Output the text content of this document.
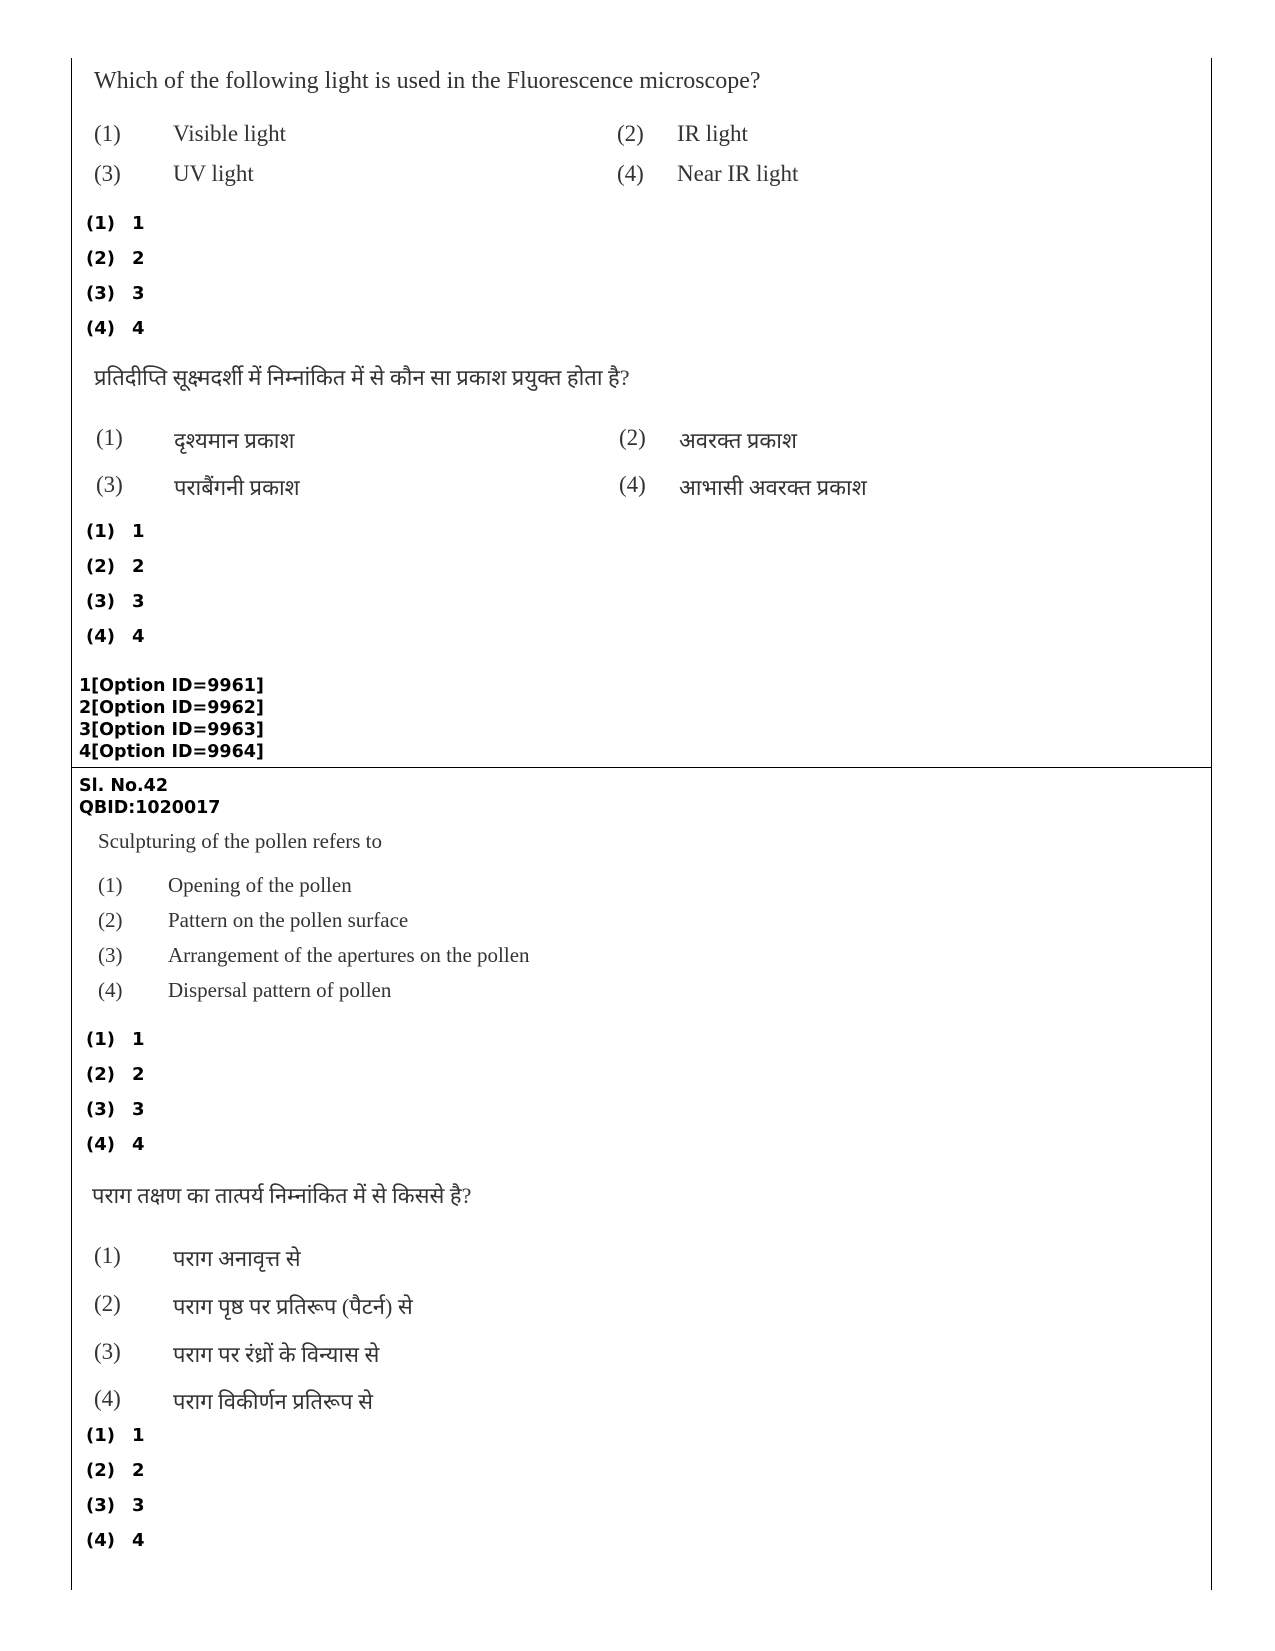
Which of the following light is used in the Fluorescence microscope?
(1) Visible light	(2) IR light
(3) UV light	(4) Near IR light
(1) 1
(2) 2
(3) 3
(4) 4
प्रतिदीप्ति सूक्ष्मदर्शी में निम्नांकित में से कौन सा प्रकाश प्रयुक्त होता है?
(1) दृश्यमान प्रकाश	(2) अवरक्त प्रकाश
(3) पराबैंगनी प्रकाश	(4) आभासी अवरक्त प्रकाश
(1) 1
(2) 2
(3) 3
(4) 4
1[Option ID=9961]
2[Option ID=9962]
3[Option ID=9963]
4[Option ID=9964]
Sl. No.42
QBID:1020017
Sculpturing of the pollen refers to
(1) Opening of the pollen
(2) Pattern on the pollen surface
(3) Arrangement of the apertures on the pollen
(4) Dispersal pattern of pollen
(1) 1
(2) 2
(3) 3
(4) 4
पराग तक्षण का तात्पर्य निम्नांकित में से किससे है?
(1) पराग अनावृत्त से
(2) पराग पृष्ठ पर प्रतिरूप (पैटर्न) से
(3) पराग पर रंध्रों के विन्यास से
(4) पराग विकीर्णन प्रतिरूप से
(1) 1
(2) 2
(3) 3
(4) 4
